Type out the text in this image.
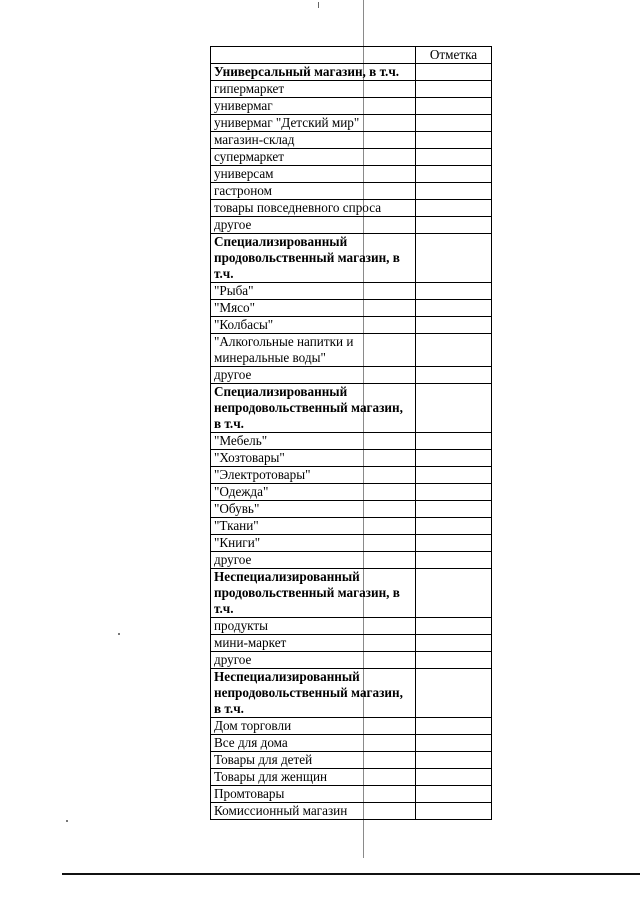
	Отметка
Универсальный магазин, в т.ч.	
гипермаркет	
универмаг	
универмаг "Детский мир"	
магазин-склад	
супермаркет	
универсам	
гастроном	
товары повседневного спроса	
другое	
Специализированный продовольственный магазин, в т.ч.	
"Рыба"	
"Мясо"	
"Колбасы"	
"Алкогольные напитки и минеральные воды"	
другое	
Специализированный непродовольственный магазин, в т.ч.	
"Мебель"	
"Хозтовары"	
"Электротовары"	
"Одежда"	
"Обувь"	
"Ткани"	
"Книги"	
другое	
Неспециализированный продовольственный магазин, в т.ч.	
продукты	
мини-маркет	
другое	
Неспециализированный непродовольственный магазин, в т.ч.	
Дом торговли	
Все для дома	
Товары для детей	
Товары для женщин	
Промтовары	
Комиссионный магазин	
